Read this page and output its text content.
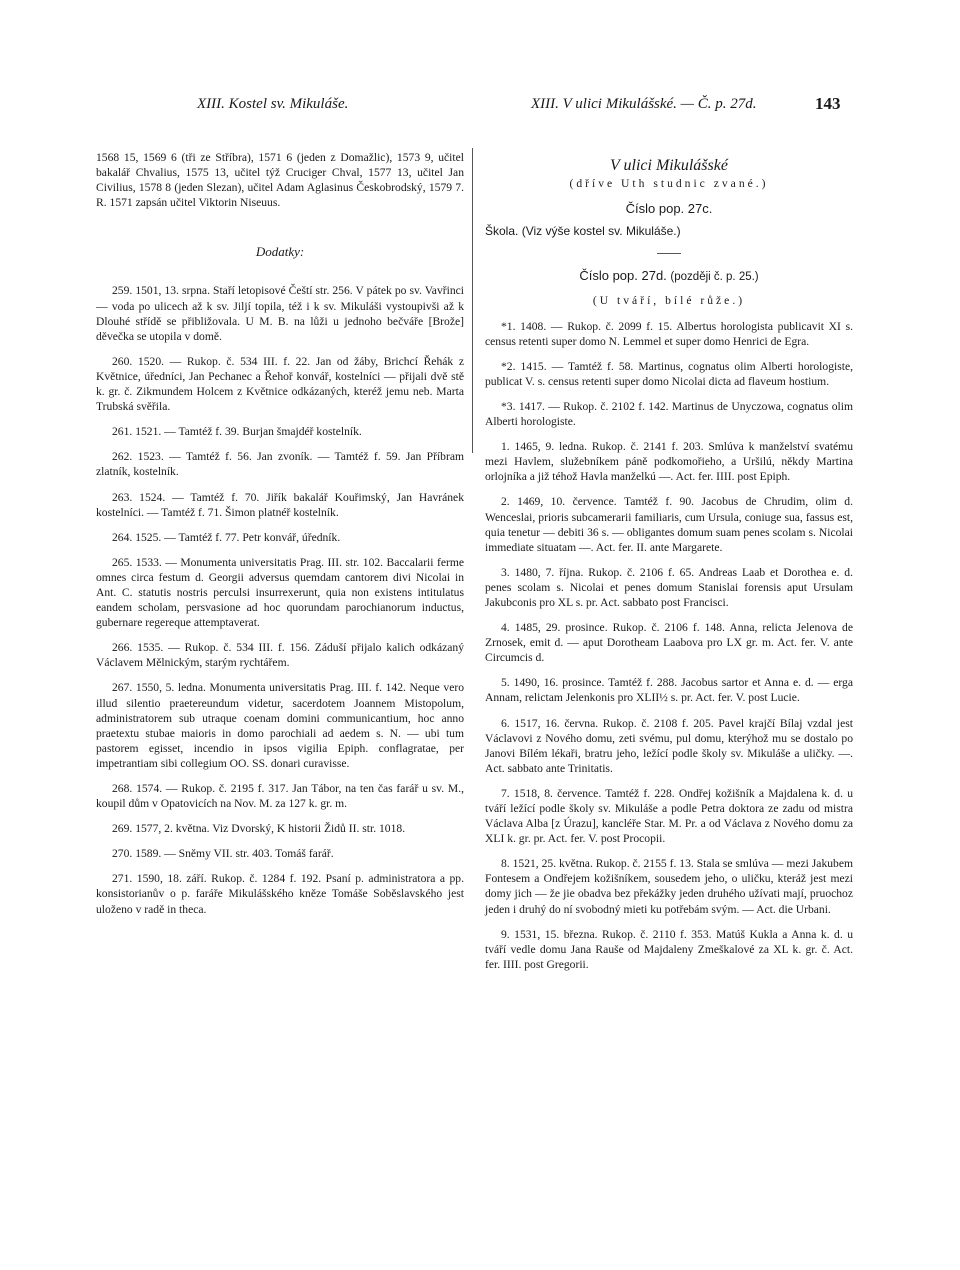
XIII. Kostel sv. Mikuláše.	XIII. V ulici Mikulášské. — Č. p. 27d.	143

1568 15, 1569 6 (tři ze Stříbra), 1571 6 (jeden z Domažlic), 1573 9, učitel bakalář Chvalius, 1575 13, učitel týž Cruciger Chval, 1577 13, učitel Jan Civilius, 1578 8 (jeden Slezan), učitel Adam Aglasinus Českobrodský, 1579 7. R. 1571 zapsán učitel Viktorin Niseuus.

Dodatky:

259. 1501, 13. srpna. Staří letopisové Čeští str. 256. V pátek po sv. Vavřinci — voda po ulicech až k sv. Jiljí topila, též i k sv. Mikuláši vystoupivši až k Dlouhé střídě se přibližovala. U M. B. na lůži u jednoho bečváře [Brože] děvečka se utopila v domě.

260. 1520. — Rukop. č. 534 III. f. 22. Jan od žáby, Brichcí Řehák z Květnice, úředníci, Jan Pechanec a Řehoř konvář, kostelníci — přijali dvě stě k. gr. č. Zikmundem Holcem z Květnice odkázaných, kteréž jemu neb. Marta Trubská svěřila.

261. 1521. — Tamtéž f. 39. Burjan šmajdéř kostelník.

262. 1523. — Tamtéž f. 56. Jan zvoník. — Tamtéž f. 59. Jan Příbram zlatník, kostelník.

263. 1524. — Tamtéž f. 70. Jiřík bakalář Kouřimský, Jan Havránek kostelníci. — Tamtéž f. 71. Šimon platnéř kostelník.

264. 1525. — Tamtéž f. 77. Petr konvář, úředník.

265. 1533. — Monumenta universitatis Prag. III. str. 102. Baccalarii ferme omnes circa festum d. Georgii adversus quemdam cantorem divi Nicolai in Ant. C. statutis nostris perculsi insurrexerunt, quia non existens intitulatus eandem scholam, persvasione ad hoc quorundam parochianorum inductus, gubernare regereque attemptaverat.

266. 1535. — Rukop. č. 534 III. f. 156. Záduší přijalo kalich odkázaný Václavem Mělnickým, starým rychtářem.

267. 1550, 5. ledna. Monumenta universitatis Prag. III. f. 142. Neque vero illud silentio praetereundum videtur, sacerdotem Joannem Mistopolum, administratorem sub utraque coenam domini communicantium, hoc anno praetextu stubae maioris in domo parochiali ad aedem s. N. — ubi tum pastorem egisset, incendio in ipsos vigilia Epiph. conflagratae, per impetrantiam sibi collegium OO. SS. donari curavisse.

268. 1574. — Rukop. č. 2195 f. 317. Jan Tábor, na ten čas farář u sv. M., koupil dům v Opatovicích na Nov. M. za 127 k. gr. m.

269. 1577, 2. května. Viz Dvorský, K historii Židů II. str. 1018.

270. 1589. — Sněmy VII. str. 403. Tomáš farář.

271. 1590, 18. září. Rukop. č. 1284 f. 192. Psaní p. administratora a pp. konsistorianův o p. faráře Mikulášského kněze Tomáše Soběslavského jest uloženo v radě in theca.

V ulici Mikulášské
(dříve Uth studnic zvané.)
Číslo pop. 27c.
Škola. (Viz výše kostel sv. Mikuláše.)
Číslo pop. 27d. (později č. p. 25.)
(U tváří, bílé růže.)

*1. 1408. — Rukop. č. 2099 f. 15. Albertus horologista publicavit XI s. census retenti super domo N. Lemmel et super domo Henrici de Egra.

*2. 1415. — Tamtéž f. 58. Martinus, cognatus olim Alberti horologiste, publicat V. s. census retenti super domo Nicolai dicta ad flaveum hostium.

*3. 1417. — Rukop. č. 2102 f. 142. Martinus de Unyczowa, cognatus olim Alberti horologiste.

1. 1465, 9. ledna. Rukop. č. 2141 f. 203. Smlúva k manželství svatému mezi Havlem, služebníkem páně podkomořieho, a Uršilú, někdy Martina orlojníka a již téhož Havla manželkú —. Act. fer. IIII. post Epiph.

2. 1469, 10. července. Tamtéž f. 90. Jacobus de Chrudim, olim d. Wenceslai, prioris subcamerarii familiaris, cum Ursula, coniuge sua, fassus est, quia tenetur — debiti 36 s. — obligantes domum suam penes scolam s. Nicolai immediate situatam —. Act. fer. II. ante Margarete.

3. 1480, 7. října. Rukop. č. 2106 f. 65. Andreas Laab et Dorothea e. d. penes scolam s. Nicolai et penes domum Stanislai forensis aput Ursulam Jakubconis pro XL s. pr. Act. sabbato post Francisci.

4. 1485, 29. prosince. Rukop. č. 2106 f. 148. Anna, relicta Jelenova de Zrnosek, emit d. — aput Dorotheam Laabova pro LX gr. m. Act. fer. V. ante Circumcis d.

5. 1490, 16. prosince. Tamtéž f. 288. Jacobus sartor et Anna e. d. — erga Annam, relictam Jelenkonis pro XLII½ s. pr. Act. fer. V. post Lucie.

6. 1517, 16. června. Rukop. č. 2108 f. 205. Pavel krajčí Bílaj vzdal jest Václavovi z Nového domu, zeti svému, pul domu, kterýhož mu se dostalo po Janovi Bílém lékaři, bratru jeho, ležící podle školy sv. Mikuláše a uličky. —. Act. sabbato ante Trinitatis.

7. 1518, 8. července. Tamtéž f. 228. Ondřej kožišník a Majdalena k. d. u tváří ležící podle školy sv. Mikuláše a podle Petra doktora ze zadu od mistra Václava Alba [z Úrazu], kancléře Star. M. Pr. a od Václava z Nového domu za XLI k. gr. pr. Act. fer. V. post Procopii.

8. 1521, 25. května. Rukop. č. 2155 f. 13. Stala se smlúva — mezi Jakubem Fontesem a Ondřejem kožišníkem, sousedem jeho, o uličku, kteráž jest mezi domy jich — že jie obadva bez překážky jeden druhého užívati mají, pruochoz jeden i druhý do ní svobodný mieti ku potřebám svým. — Act. die Urbani.

9. 1531, 15. března. Rukop. č. 2110 f. 353. Matúš Kukla a Anna k. d. u tváří vedle domu Jana Rauše od Majdaleny Zmeškalové za XL k. gr. č. Act. fer. IIII. post Gregorii.
